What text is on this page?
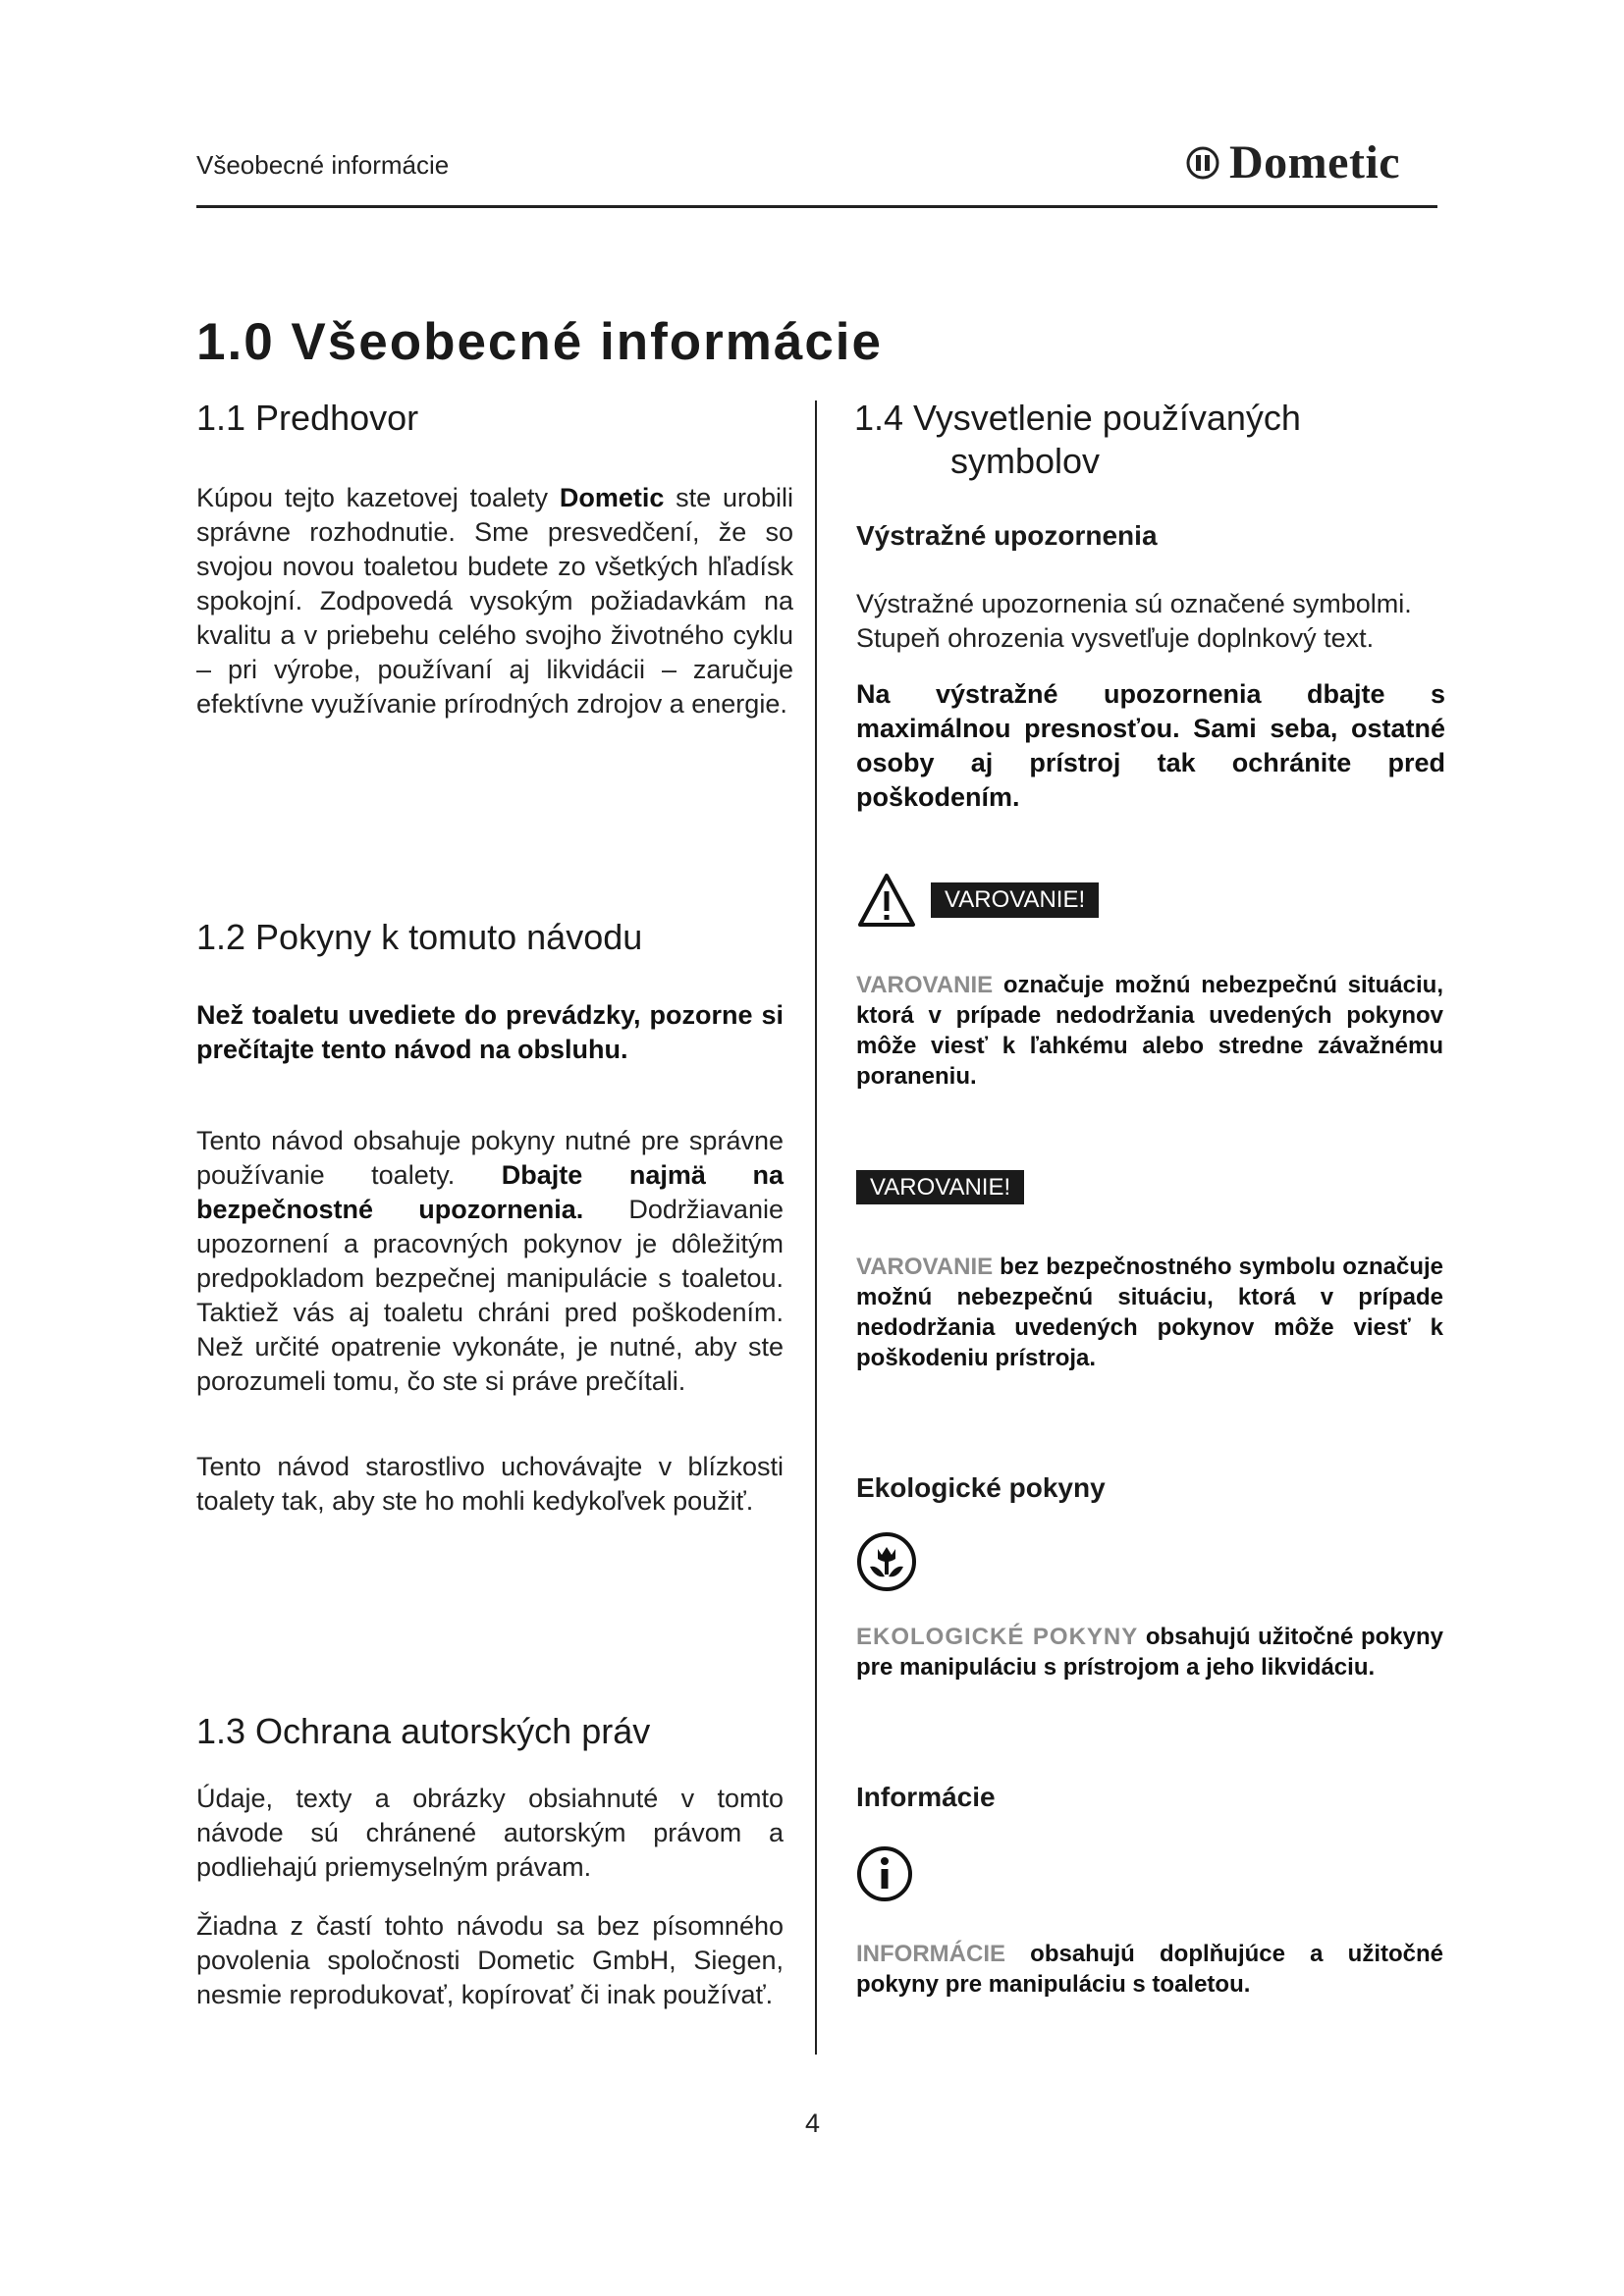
Všeobecné informácie	Dometic
1.0 Všeobecné informácie
1.1 Predhovor
Kúpou tejto kazetovej toalety Dometic ste urobili správne rozhodnutie. Sme presvedčení, že so svojou novou toaletou budete zo všetkých hľadísk spokojní. Zodpovedá vysokým požiadavkám na kvalitu a v priebehu celého svojho životného cyklu – pri výrobe, používaní aj likvidácii – zaručuje efektívne využívanie prírodných zdrojov a energie.
1.2 Pokyny k tomuto návodu
Než toaletu uvediete do prevádzky, pozorne si prečítajte tento návod na obsluhu.
Tento návod obsahuje pokyny nutné pre správne používanie toalety. Dbajte najmä na bezpečnostné upozornenia. Dodržiavanie upozornení a pracovných pokynov je dôležitým predpokladom bezpečnej manipulácie s toaletou. Taktiež vás aj toaletu chráni pred poškodením. Než určité opatrenie vykonáte, je nutné, aby ste porozumeli tomu, čo ste si práve prečítali.
Tento návod starostlivo uchovávajte v blízkosti toalety tak, aby ste ho mohli kedykoľvek použiť.
1.3 Ochrana autorských práv
Údaje, texty a obrázky obsiahnuté v tomto návode sú chránené autorským právom a podliehajú priemyselným právam.
Žiadna z častí tohto návodu sa bez písomného povolenia spoločnosti Dometic GmbH, Siegen, nesmie reprodukovať, kopírovať či inak používať.
1.4 Vysvetlenie používaných
symbolov
Výstražné upozornenia
Výstražné upozornenia sú označené symbolmi. Stupeň ohrozenia vysvetľuje doplnkový text.
Na výstražné upozornenia dbajte s maximálnou presnosťou. Sami seba, ostatné osoby aj prístroj tak ochránite pred poškodením.
VAROVANIE!
VAROVANIE označuje možnú nebezpečnú situáciu, ktorá v prípade nedodržania uvedených pokynov môže viesť k ľahkému alebo stredne závažnému poraneniu.
VAROVANIE!
VAROVANIE bez bezpečnostného symbolu označuje možnú nebezpečnú situáciu, ktorá v prípade nedodržania uvedených pokynov môže viesť k poškodeniu prístroja.
Ekologické pokyny
EKOLOGICKÉ POKYNY obsahujú užitočné pokyny pre manipuláciu s prístrojom a jeho likvidáciu.
Informácie
INFORMÁCIE obsahujú doplňujúce a užitočné pokyny pre manipuláciu s toaletou.
4
